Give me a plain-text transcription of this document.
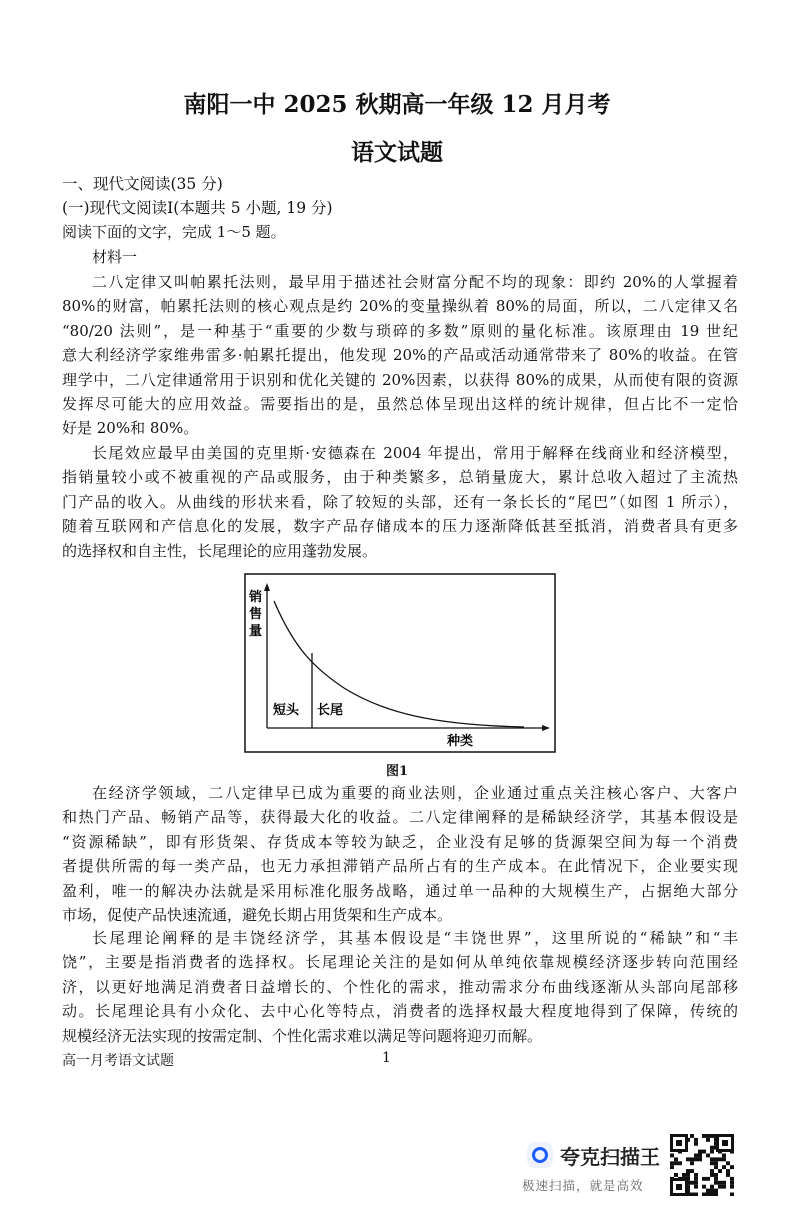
南阳一中 2025 秋期高一年级 12 月月考
语文试题
一、现代文阅读(35 分)
(一)现代文阅读Ⅰ(本题共 5 小题, 19 分)
阅读下面的文字，完成 1～5 题。
材料一
二八定律又叫帕累托法则，最早用于描述社会财富分配不均的现象：即约 20%的人掌握着
80%的财富，帕累托法则的核心观点是约 20%的变量操纵着 80%的局面，所以，二八定律又名
“80/20 法则”，是一种基于“重要的少数与琐碎的多数”原则的量化标准。该原理由 19 世纪
意大利经济学家维弗雷多·帕累托提出，他发现 20%的产品或活动通常带来了 80%的收益。在管
理学中，二八定律通常用于识别和优化关键的 20%因素，以获得 80%的成果，从而使有限的资源
发挥尽可能大的应用效益。需要指出的是，虽然总体呈现出这样的统计规律，但占比不一定恰
好是 20%和 80%。
长尾效应最早由美国的克里斯·安德森在 2004 年提出，常用于解释在线商业和经济模型，
指销量较小或不被重视的产品或服务，由于种类繁多，总销量庞大，累计总收入超过了主流热
门产品的收入。从曲线的形状来看，除了较短的头部，还有一条长长的“尾巴”（如图 1 所示），
随着互联网和产信息化的发展，数字产品存储成本的压力逐渐降低甚至抵消，消费者具有更多
的选择权和自主性，长尾理论的应用蓬勃发展。
在经济学领域，二八定律早已成为重要的商业法则，企业通过重点关注核心客户、大客户
和热门产品、畅销产品等，获得最大化的收益。二八定律阐释的是稀缺经济学，其基本假设是
“资源稀缺”，即有形货架、存货成本等较为缺乏，企业没有足够的货源架空间为每一个消费
者提供所需的每一类产品，也无力承担滞销产品所占有的生产成本。在此情况下，企业要实现
盈利，唯一的解决办法就是采用标准化服务战略，通过单一品种的大规模生产，占据绝大部分
市场，促使产品快速流通，避免长期占用货架和生产成本。
长尾理论阐释的是丰饶经济学，其基本假设是“丰饶世界”，这里所说的“稀缺”和“丰
饶”，主要是指消费者的选择权。长尾理论关注的是如何从单纯依靠规模经济逐步转向范围经
济，以更好地满足消费者日益增长的、个性化的需求，推动需求分布曲线逐渐从头部向尾部移
动。长尾理论具有小众化、去中心化等特点，消费者的选择权最大程度地得到了保障，传统的
规模经济无法实现的按需定制、个性化需求难以满足等问题将迎刃而解。
销
售
量
短头 长尾
种类
图1
高一月考语文试题	1
夸克扫描王
极速扫描，就是高效
